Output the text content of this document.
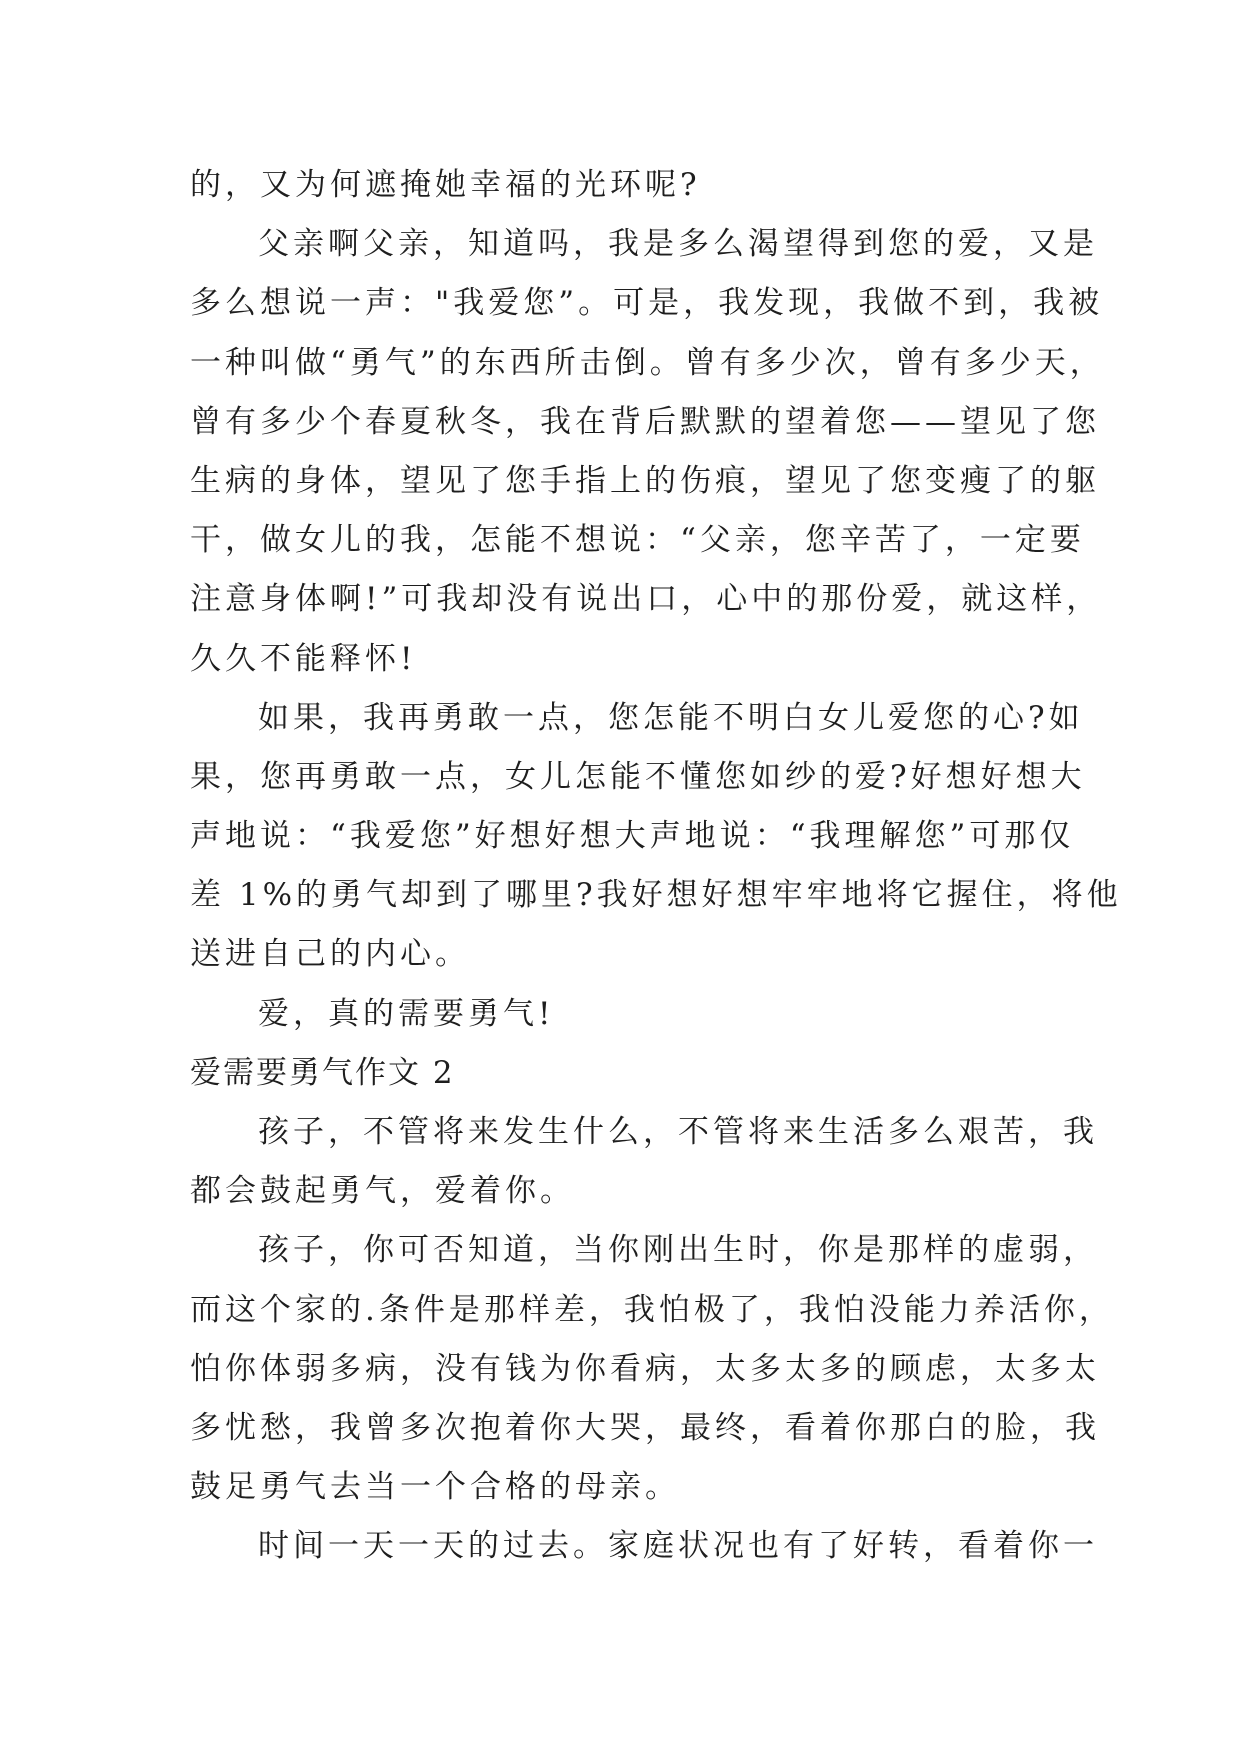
的，又为何遮掩她幸福的光环呢?
父亲啊父亲，知道吗，我是多么渴望得到您的爱，又是
多么想说一声："我爱您”。可是，我发现，我做不到，我被
一种叫做“勇气”的东西所击倒。曾有多少次，曾有多少天，
曾有多少个春夏秋冬，我在背后默默的望着您——望见了您
生病的身体，望见了您手指上的伤痕，望见了您变瘦了的躯
干，做女儿的我，怎能不想说：“父亲，您辛苦了，一定要
注意身体啊!”可我却没有说出口，心中的那份爱，就这样，
久久不能释怀!
如果，我再勇敢一点，您怎能不明白女儿爱您的心?如
果，您再勇敢一点，女儿怎能不懂您如纱的爱?好想好想大
声地说：“我爱您”好想好想大声地说：“我理解您”可那仅
差 1%的勇气却到了哪里?我好想好想牢牢地将它握住，将他
送进自己的内心。
爱，真的需要勇气!
爱需要勇气作文 2
孩子，不管将来发生什么，不管将来生活多么艰苦，我
都会鼓起勇气，爱着你。
孩子，你可否知道，当你刚出生时，你是那样的虚弱，
而这个家的.条件是那样差，我怕极了，我怕没能力养活你，
怕你体弱多病，没有钱为你看病，太多太多的顾虑，太多太
多忧愁，我曾多次抱着你大哭，最终，看着你那白的脸，我
鼓足勇气去当一个合格的母亲。
时间一天一天的过去。家庭状况也有了好转，看着你一
